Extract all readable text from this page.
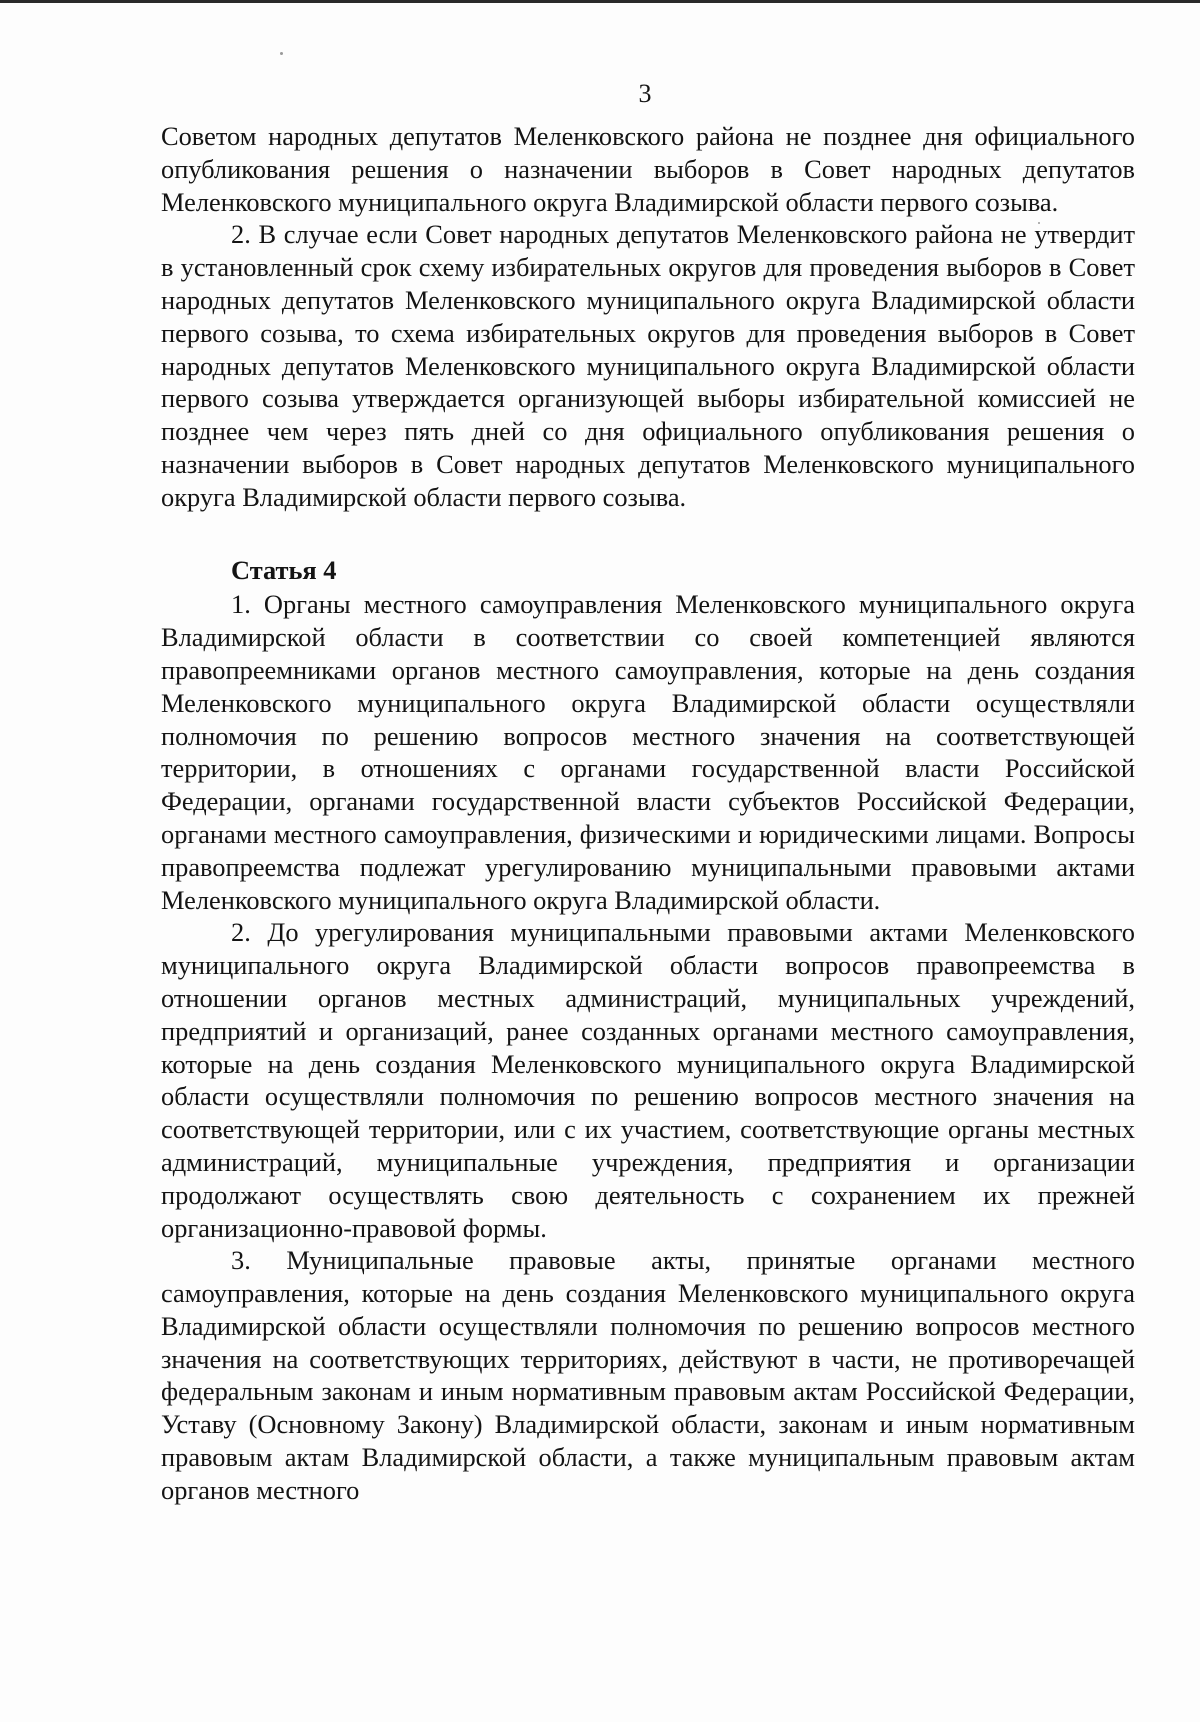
3

Советом народных депутатов Меленковского района не позднее дня официального опубликования решения о назначении выборов в Совет народных депутатов Меленковского муниципального округа Владимирской области первого созыва.

2. В случае если Совет народных депутатов Меленковского района не утвердит в установленный срок схему избирательных округов для проведения выборов в Совет народных депутатов Меленковского муниципального округа Владимирской области первого созыва, то схема избирательных округов для проведения выборов в Совет народных депутатов Меленковского муниципального округа Владимирской области первого созыва утверждается организующей выборы избирательной комиссией не позднее чем через пять дней со дня официального опубликования решения о назначении выборов в Совет народных депутатов Меленковского муниципального округа Владимирской области первого созыва.

Статья 4

1. Органы местного самоуправления Меленковского муниципального округа Владимирской области в соответствии со своей компетенцией являются правопреемниками органов местного самоуправления, которые на день создания Меленковского муниципального округа Владимирской области осуществляли полномочия по решению вопросов местного значения на соответствующей территории, в отношениях с органами государственной власти Российской Федерации, органами государственной власти субъектов Российской Федерации, органами местного самоуправления, физическими и юридическими лицами. Вопросы правопреемства подлежат урегулированию муниципальными правовыми актами Меленковского муниципального округа Владимирской области.

2. До урегулирования муниципальными правовыми актами Меленковского муниципального округа Владимирской области вопросов правопреемства в отношении органов местных администраций, муниципальных учреждений, предприятий и организаций, ранее созданных органами местного самоуправления, которые на день создания Меленковского муниципального округа Владимирской области осуществляли полномочия по решению вопросов местного значения на соответствующей территории, или с их участием, соответствующие органы местных администраций, муниципальные учреждения, предприятия и организации продолжают осуществлять свою деятельность с сохранением их прежней организационно-правовой формы.

3. Муниципальные правовые акты, принятые органами местного самоуправления, которые на день создания Меленковского муниципального округа Владимирской области осуществляли полномочия по решению вопросов местного значения на соответствующих территориях, действуют в части, не противоречащей федеральным законам и иным нормативным правовым актам Российской Федерации, Уставу (Основному Закону) Владимирской области, законам и иным нормативным правовым актам Владимирской области, а также муниципальным правовым актам органов местного
